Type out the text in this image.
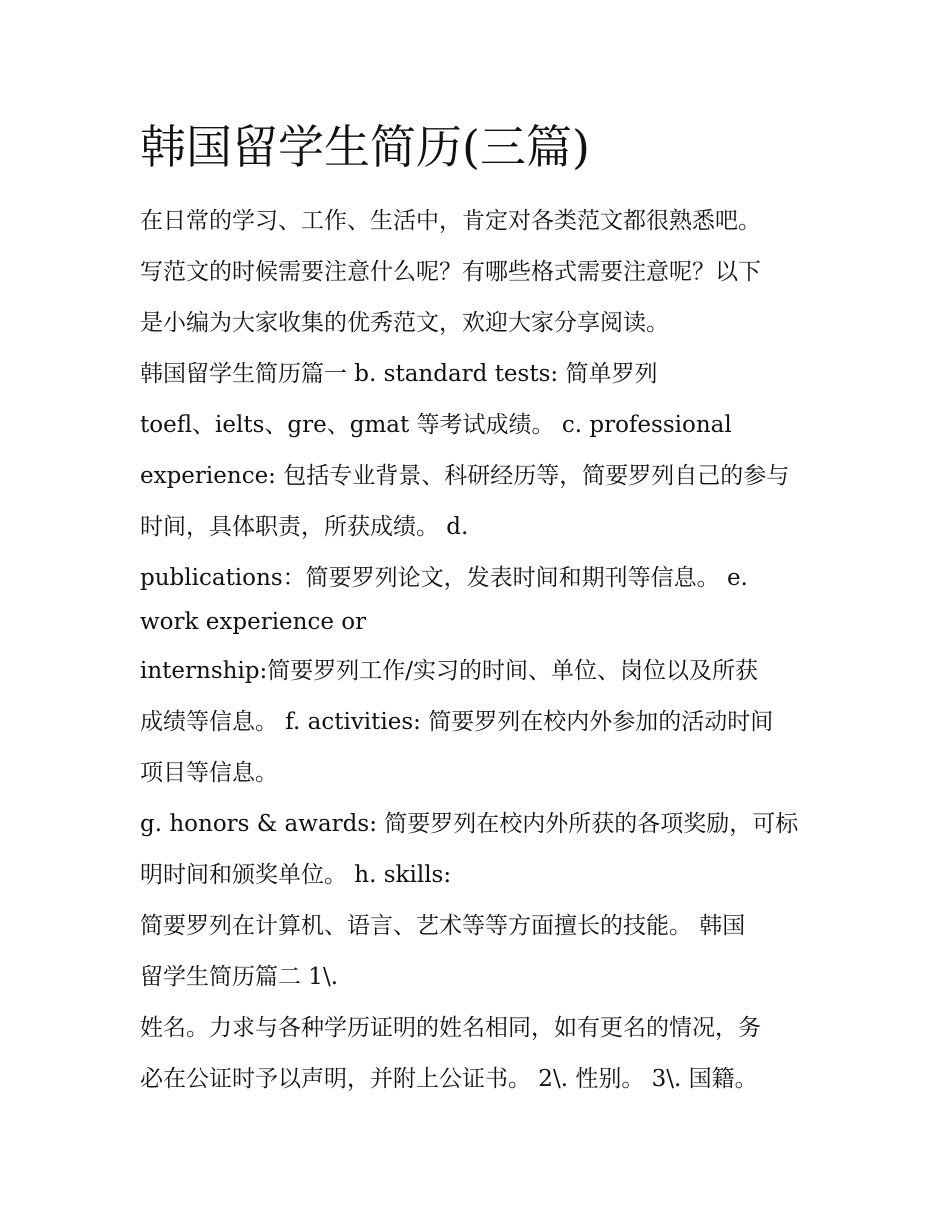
韩国留学生简历(三篇)

在日常的学习、工作、生活中，肯定对各类范文都很熟悉吧。

写范文的时候需要注意什么呢？有哪些格式需要注意呢？以下

是小编为大家收集的优秀范文，欢迎大家分享阅读。

韩国留学生简历篇一 b. standard tests: 简单罗列

toefl、ielts、gre、gmat 等考试成绩。 c. professional

experience: 包括专业背景、科研经历等，简要罗列自己的参与

时间，具体职责，所获成绩。 d.

publications：简要罗列论文，发表时间和期刊等信息。 e.

work experience or

internship:简要罗列工作/实习的时间、单位、岗位以及所获

成绩等信息。 f. activities: 简要罗列在校内外参加的活动时间

项目等信息。

g. honors & awards: 简要罗列在校内外所获的各项奖励，可标

明时间和颁奖单位。 h. skills:

简要罗列在计算机、语言、艺术等等方面擅长的技能。 韩国

留学生简历篇二 1\.

姓名。力求与各种学历证明的姓名相同，如有更名的情况，务

必在公证时予以声明，并附上公证书。 2\. 性别。 3\. 国籍。
